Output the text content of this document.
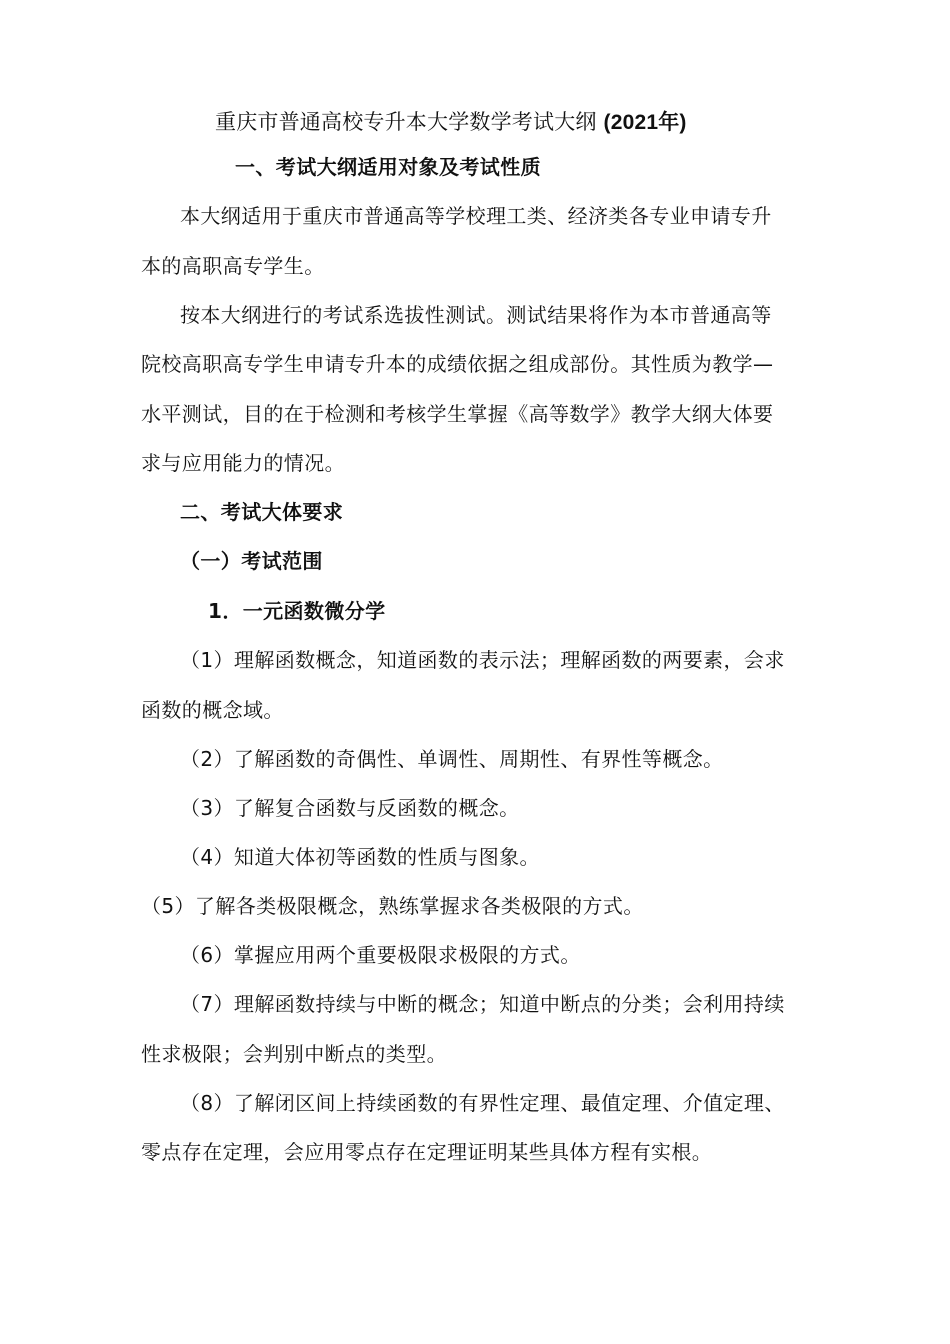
重庆市普通高校专升本大学数学考试大纲 (2021年)
一、考试大纲适用对象及考试性质
本大纲适用于重庆市普通高等学校理工类、经济类各专业申请专升
本的高职高专学生。
按本大纲进行的考试系选拔性测试。测试结果将作为本市普通高等
院校高职高专学生申请专升本的成绩依据之组成部份。其性质为教学—
水平测试，目的在于检测和考核学生掌握《高等数学》教学大纲大体要
求与应用能力的情况。
二、考试大体要求
（一）考试范围
1．一元函数微分学
（1）理解函数概念，知道函数的表示法；理解函数的两要素，会求
函数的概念域。
（2）了解函数的奇偶性、单调性、周期性、有界性等概念。
（3）了解复合函数与反函数的概念。
（4）知道大体初等函数的性质与图象。
（5）了解各类极限概念，熟练掌握求各类极限的方式。
（6）掌握应用两个重要极限求极限的方式。
（7）理解函数持续与中断的概念；知道中断点的分类；会利用持续
性求极限；会判别中断点的类型。
（8）了解闭区间上持续函数的有界性定理、最值定理、介值定理、
零点存在定理，会应用零点存在定理证明某些具体方程有实根。
